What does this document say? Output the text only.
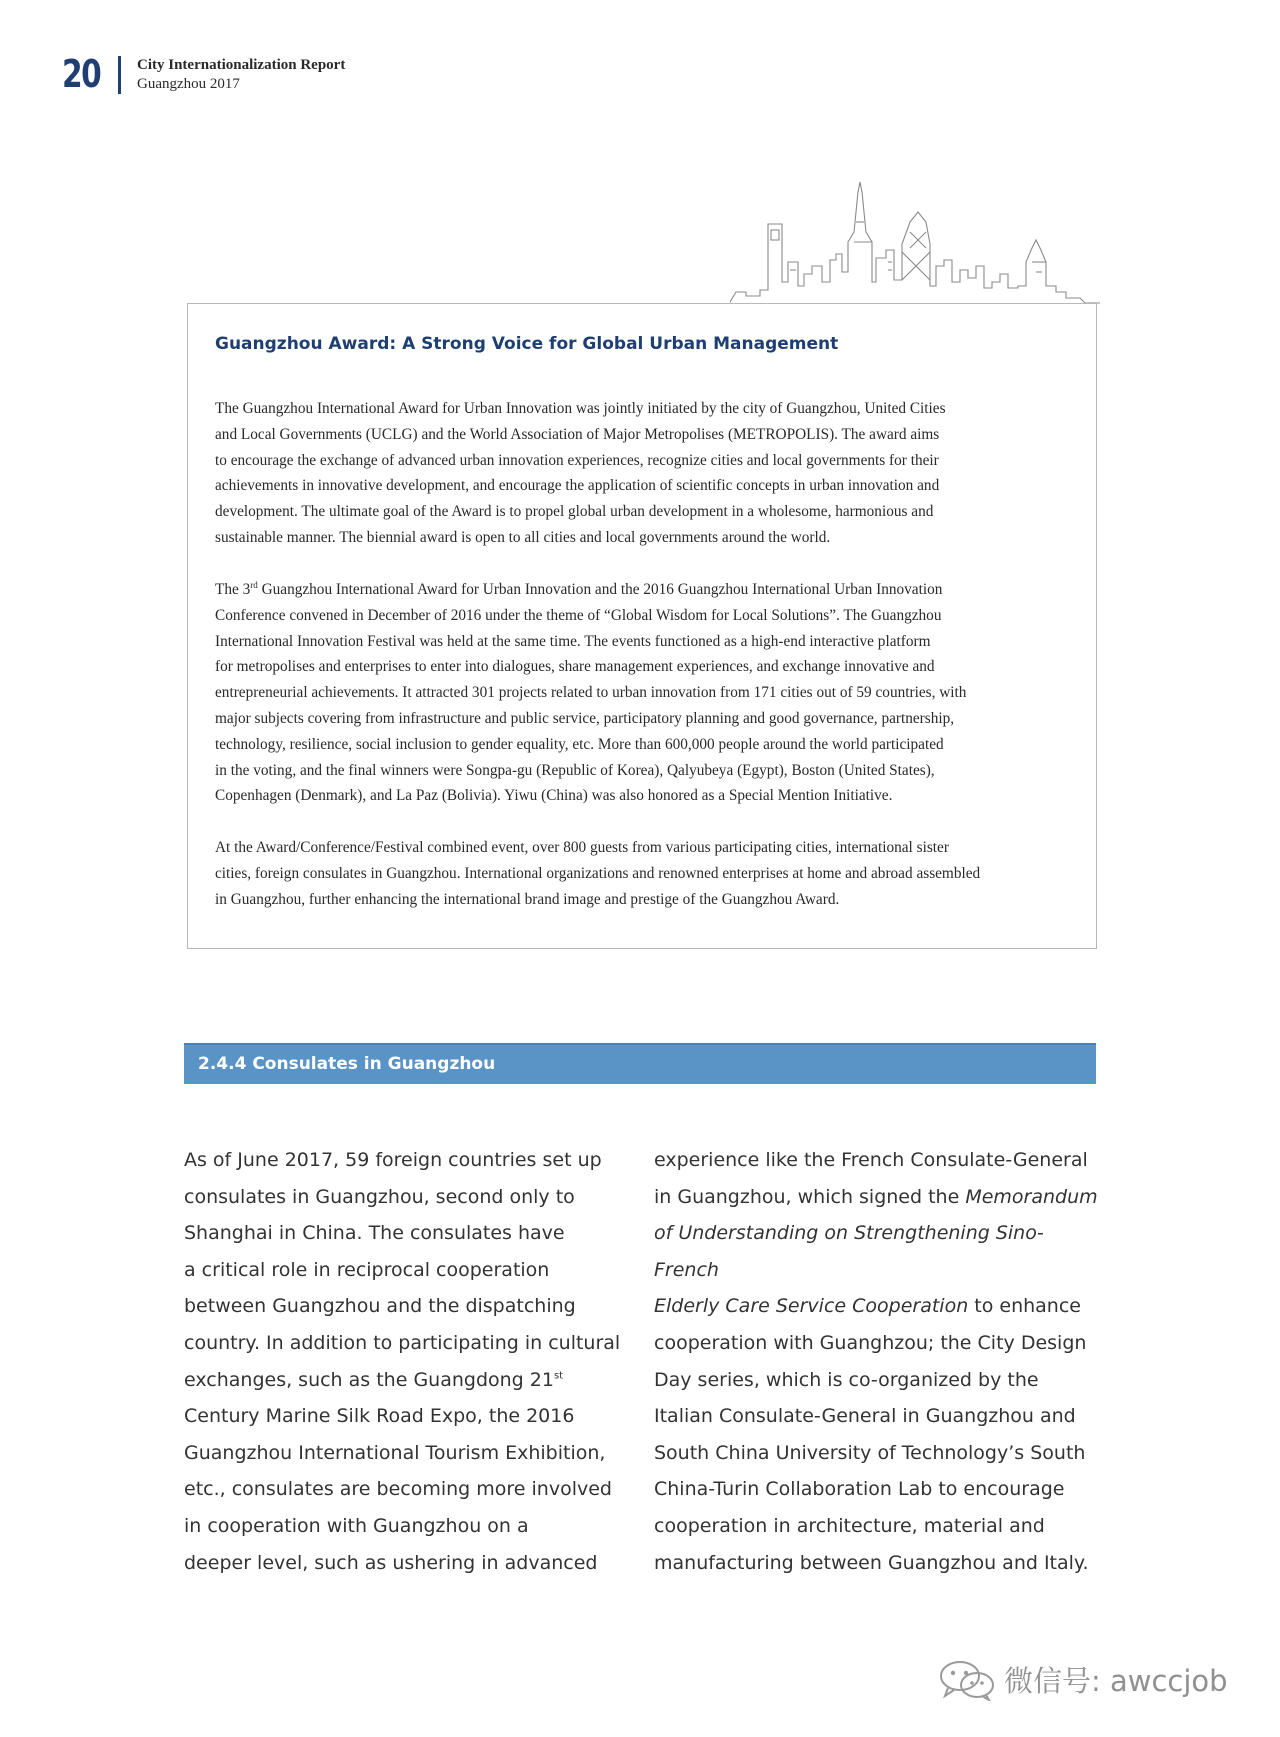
20 City Internationalization Report
Guangzhou 2017
Guangzhou Award: A Strong Voice for Global Urban Management
The Guangzhou International Award for Urban Innovation was jointly initiated by the city of Guangzhou, United Cities
and Local Governments (UCLG) and the World Association of Major Metropolises (METROPOLIS). The award aims
to encourage the exchange of advanced urban innovation experiences, recognize cities and local governments for their
achievements in innovative development, and encourage the application of scientific concepts in urban innovation and
development. The ultimate goal of the Award is to propel global urban development in a wholesome, harmonious and
sustainable manner. The biennial award is open to all cities and local governments around the world.
The 3rd Guangzhou International Award for Urban Innovation and the 2016 Guangzhou International Urban Innovation
Conference convened in December of 2016 under the theme of “Global Wisdom for Local Solutions”. The Guangzhou
International Innovation Festival was held at the same time. The events functioned as a high-end interactive platform
for metropolises and enterprises to enter into dialogues, share management experiences, and exchange innovative and
entrepreneurial achievements. It attracted 301 projects related to urban innovation from 171 cities out of 59 countries, with
major subjects covering from infrastructure and public service, participatory planning and good governance, partnership,
technology, resilience, social inclusion to gender equality, etc. More than 600,000 people around the world participated
in the voting, and the final winners were Songpa-gu (Republic of Korea), Qalyubeya (Egypt), Boston (United States),
Copenhagen (Denmark), and La Paz (Bolivia). Yiwu (China) was also honored as a Special Mention Initiative.
At the Award/Conference/Festival combined event, over 800 guests from various participating cities, international sister
cities, foreign consulates in Guangzhou. International organizations and renowned enterprises at home and abroad assembled
in Guangzhou, further enhancing the international brand image and prestige of the Guangzhou Award.
2.4.4 Consulates in Guangzhou

As of June 2017, 59 foreign countries set up
consulates in Guangzhou, second only to
Shanghai in China. The consulates have
a critical role in reciprocal cooperation
between Guangzhou and the dispatching
country. In addition to participating in cultural
exchanges, such as the Guangdong 21st
Century Marine Silk Road Expo, the 2016
Guangzhou International Tourism Exhibition,
etc., consulates are becoming more involved
in cooperation with Guangzhou on a
deeper level, such as ushering in advanced

experience like the French Consulate-General
in Guangzhou, which signed the Memorandum
of Understanding on Strengthening Sino-French
Elderly Care Service Cooperation to enhance
cooperation with Guanghzou; the City Design
Day series, which is co-organized by the
Italian Consulate-General in Guangzhou and
South China University of Technology’s South
China-Turin Collaboration Lab to encourage
cooperation in architecture, material and
manufacturing between Guangzhou and Italy.

微信号: awccjob
